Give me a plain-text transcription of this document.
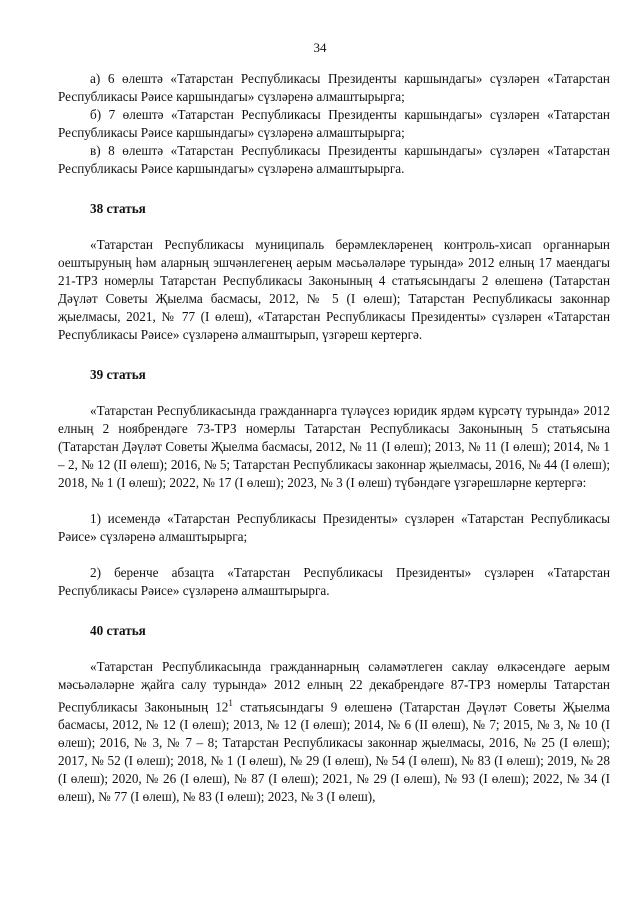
34

а) 6 өлештә «Татарстан Республикасы Президенты каршындагы» сүзләрен «Татарстан Республикасы Рәисе каршындагы» сүзләренә алмаштырырга;

б) 7 өлештә «Татарстан Республикасы Президенты каршындагы» сүзләрен «Татарстан Республикасы Рәисе каршындагы» сүзләренә алмаштырырга;

в) 8 өлештә «Татарстан Республикасы Президенты каршындагы» сүзләрен «Татарстан Республикасы Рәисе каршындагы» сүзләренә алмаштырырга.

38 статья

«Татарстан Республикасы муниципаль берәмлекләренең контроль-хисап органнарын оештыруның һәм аларның эшчәнлегенең аерым мәсьәләләре турында» 2012 елның 17 маендагы 21-ТРЗ номерлы Татарстан Республикасы Законының 4 статьясындагы 2 өлешенә (Татарстан Дәүләт Советы Җыелма басмасы, 2012, № 5 (I өлеш); Татарстан Республикасы законнар җыелмасы, 2021, № 77 (I өлеш), «Татарстан Республикасы Президенты» сүзләрен «Татарстан Республикасы Рәисе» сүзләренә алмаштырып, үзгәреш кертергә.

39 статья

«Татарстан Республикасында гражданнарга түләүсез юридик ярдәм күрсәтү турында» 2012 елның 2 ноябрендәге 73-ТРЗ номерлы Татарстан Республикасы Законының 5 статьясына (Татарстан Дәүләт Советы Җыелма басмасы, 2012, № 11 (I өлеш); 2013, № 11 (I өлеш); 2014, № 1 – 2, № 12 (II өлеш); 2016, № 5; Татарстан Республикасы законнар җыелмасы, 2016, № 44 (I өлеш); 2018, № 1 (I өлеш); 2022, № 17 (I өлеш); 2023, № 3 (I өлеш) түбәндәге үзгәрешләрне кертергә:

1) исемендә «Татарстан Республикасы Президенты» сүзләрен «Татарстан Республикасы Рәисе» сүзләренә алмаштырырга;

2) беренче абзацта «Татарстан Республикасы Президенты» сүзләрен «Татарстан Республикасы Рәисе» сүзләренә алмаштырырга.

40 статья

«Татарстан Республикасында гражданнарның сәламәтлеген саклау өлкәсендәге аерым мәсьәләләрне җайга салу турында» 2012 елның 22 декабрендәге 87-ТРЗ номерлы Татарстан Республикасы Законының $12^1$ статьясындагы 9 өлешенә (Татарстан Дәүләт Советы Җыелма басмасы, 2012, № 12 (I өлеш); 2013, № 12 (I өлеш); 2014, № 6 (II өлеш), № 7; 2015, № 3, № 10 (I өлеш); 2016, № 3, № 7 – 8; Татарстан Республикасы законнар җыелмасы, 2016, № 25 (I өлеш); 2017, № 52 (I өлеш); 2018, № 1 (I өлеш), № 29 (I өлеш), № 54 (I өлеш), № 83 (I өлеш); 2019, № 28 (I өлеш); 2020, № 26 (I өлеш), № 87 (I өлеш); 2021, № 29 (I өлеш), № 93 (I өлеш); 2022, № 34 (I өлеш), № 77 (I өлеш), № 83 (I өлеш); 2023, № 3 (I өлеш),
